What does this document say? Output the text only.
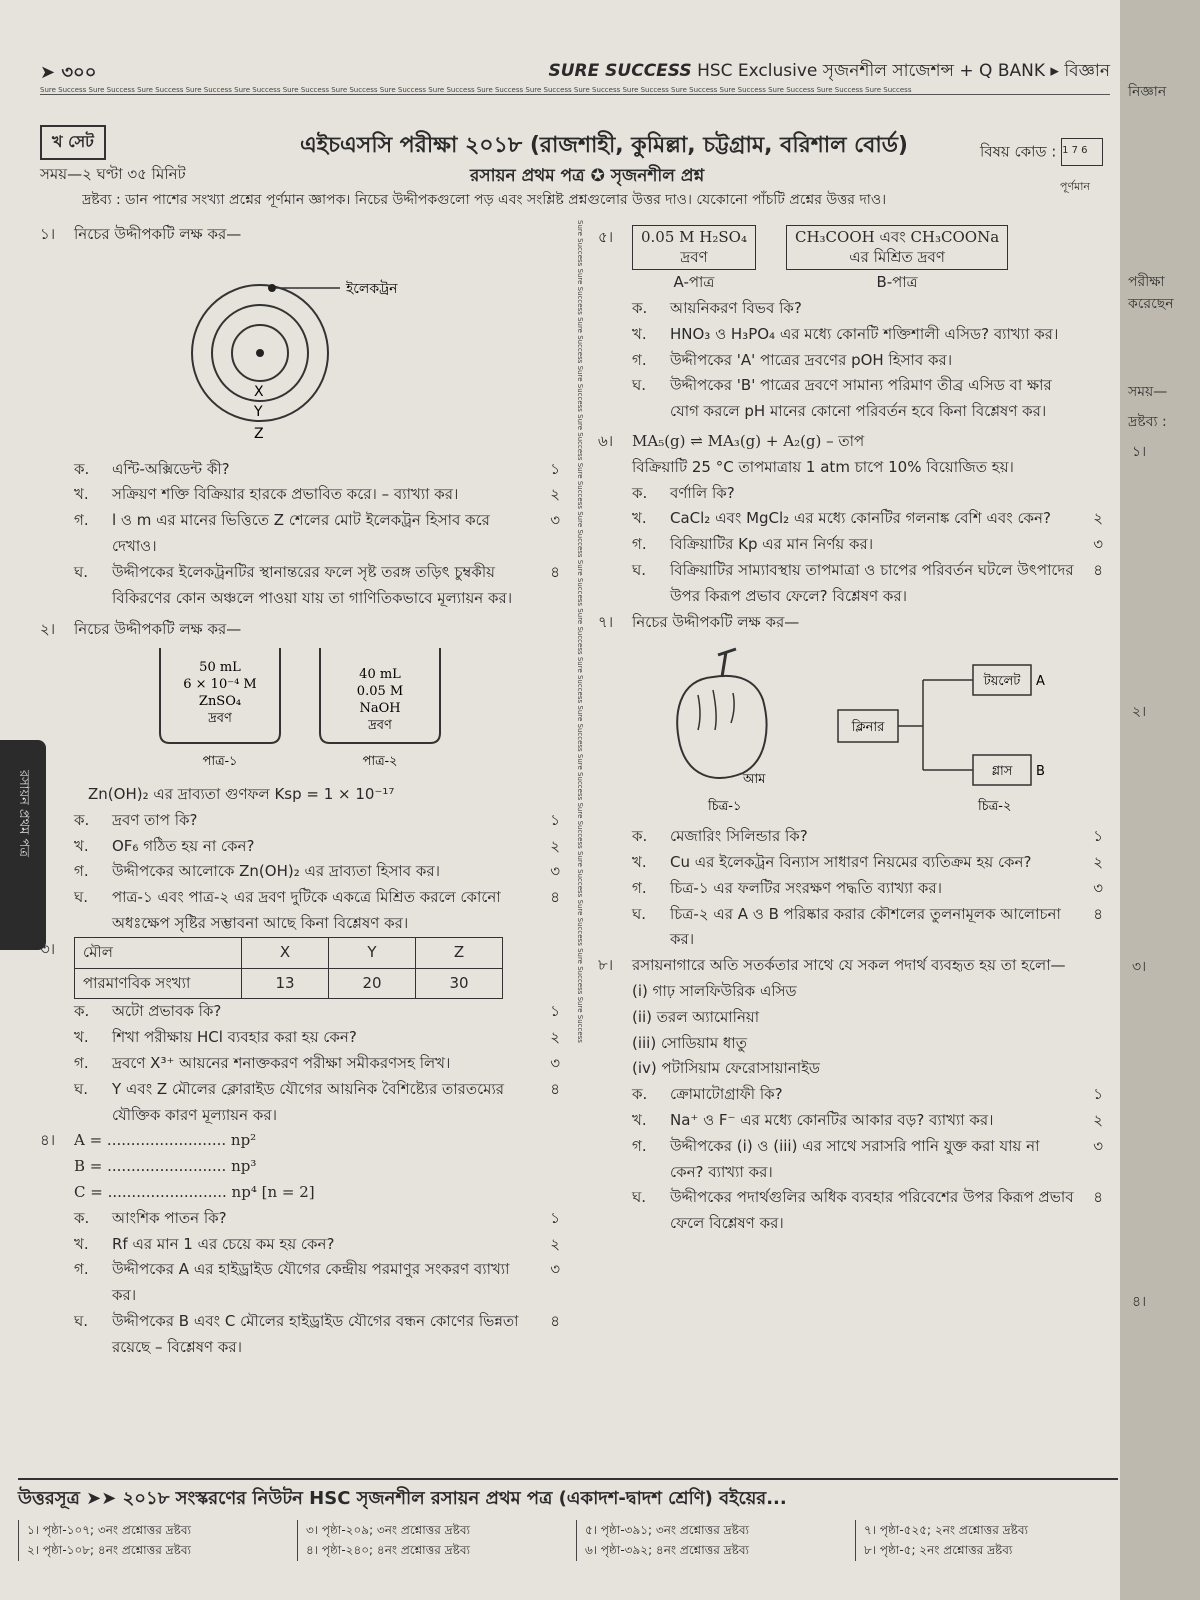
রসায়ন প্রথম পত্র
➤ ৩০০	SURE SUCCESS HSC Exclusive সৃজনশীল সাজেশন্স + Q BANK ▸ বিজ্ঞান
Sure Success Sure Success Sure Success Sure Success Sure Success Sure Success Sure Success Sure Success Sure Success Sure Success Sure Success Sure Success Sure Success Sure Success Sure Success Sure Success Sure Success Sure Success
খ সেট	এইচএসসি পরীক্ষা ২০১৮ (রাজশাহী, কুমিল্লা, চট্টগ্রাম, বরিশাল বোর্ড)
সময়—২ ঘণ্টা ৩৫ মিনিট	রসায়ন প্রথম পত্র ✪ সৃজনশীল প্রশ্ন
বিষয় কোড : 1 7 6
পূর্ণমান
দ্রষ্টব্য : ডান পাশের সংখ্যা প্রশ্নের পূর্ণমান জ্ঞাপক। নিচের উদ্দীপকগুলো পড় এবং সংশ্লিষ্ট প্রশ্নগুলোর উত্তর দাও। যেকোনো পাঁচটি প্রশ্নের উত্তর দাও।
Sure Success Sure Success Sure Success Sure Success Sure Success Sure Success Sure Success Sure Success Sure Success Sure Success Sure Success Sure Success Sure Success Sure Success Sure Success Sure Success Sure Success
১।	নিচের উদ্দীপকটি লক্ষ কর—
ইলেকট্রন
X
Y
Z
ক.	এন্টি-অক্সিডেন্ট কী?	১
খ.	সক্রিয়ণ শক্তি বিক্রিয়ার হারকে প্রভাবিত করে। – ব্যাখ্যা কর।	২
গ.	l ও m এর মানের ভিত্তিতে Z শেলের মোট ইলেকট্রন হিসাব করে দেখাও।
৩
ঘ.	উদ্দীপকের ইলেকট্রনটির স্থানান্তরের ফলে সৃষ্ট তরঙ্গ তড়িৎ চুম্বকীয় বিকিরণের কোন অঞ্চলে পাওয়া যায় তা গাণিতিকভাবে মূল্যায়ন কর।
৪
২।	নিচের উদ্দীপকটি লক্ষ কর—
50 mL
6 × 10⁻⁴ M
ZnSO₄
দ্রবণ
পাত্র-১
40 mL
0.05 M
NaOH
দ্রবণ
পাত্র-২
Zn(OH)₂ এর দ্রাব্যতা গুণফল Ksp = 1 × 10⁻¹⁷
ক.	দ্রবণ তাপ কি?	১
খ.	OF₆ গঠিত হয় না কেন?	২
গ.	উদ্দীপকের আলোকে Zn(OH)₂ এর দ্রাব্যতা হিসাব কর।	৩
ঘ.	পাত্র-১ এবং পাত্র-২ এর দ্রবণ দুটিকে একত্রে মিশ্রিত করলে কোনো অধঃক্ষেপ সৃষ্টির সম্ভাবনা আছে কিনা বিশ্লেষণ কর।
৪
৩।	মৌল	X	Y	Z
পারমাণবিক সংখ্যা	13	20	30
ক.	অটো প্রভাবক কি?	১
খ.	শিখা পরীক্ষায় HCl ব্যবহার করা হয় কেন?	২
গ.	দ্রবণে X³⁺ আয়নের শনাক্তকরণ পরীক্ষা সমীকরণসহ লিখ।	৩
ঘ.	Y এবং Z মৌলের ক্লোরাইড যৌগের আয়নিক বৈশিষ্ট্যের তারতম্যের যৌক্তিক কারণ মূল্যায়ন কর।
৪
৪।	A = ......................... np²
B = ......................... np³
C = ......................... np⁴ [n = 2]
ক.	আংশিক পাতন কি?	১
খ.	Rf এর মান 1 এর চেয়ে কম হয় কেন?	২
গ.	উদ্দীপকের A এর হাইড্রাইড যৌগের কেন্দ্রীয় পরমাণুর সংকরণ ব্যাখ্যা কর।
৩
ঘ.	উদ্দীপকের B এবং C মৌলের হাইড্রাইড যৌগের বন্ধন কোণের ভিন্নতা রয়েছে – বিশ্লেষণ কর।
৪
৫।	0.05 M H₂SO₄
দ্রবণ
A-পাত্র
CH₃COOH এবং CH₃COONa
এর মিশ্রিত দ্রবণ
B-পাত্র
ক.	আয়নিকরণ বিভব কি?
খ.	HNO₃ ও H₃PO₄ এর মধ্যে কোনটি শক্তিশালী এসিড? ব্যাখ্যা কর।
গ.	উদ্দীপকের 'A' পাত্রের দ্রবণের pOH হিসাব কর।
ঘ.	উদ্দীপকের 'B' পাত্রের দ্রবণে সামান্য পরিমাণ তীব্র এসিড বা ক্ষার যোগ করলে pH মানের কোনো পরিবর্তন হবে কিনা বিশ্লেষণ কর।
৬।	MA₅(g) ⇌ MA₃(g) + A₂(g) – তাপ
বিক্রিয়াটি 25 °C তাপমাত্রায় 1 atm চাপে 10% বিয়োজিত হয়।
ক.	বর্ণালি কি?
খ.	CaCl₂ এবং MgCl₂ এর মধ্যে কোনটির গলনাঙ্ক বেশি এবং কেন?	২
গ.	বিক্রিয়াটির Kp এর মান নির্ণয় কর।	৩
ঘ.	বিক্রিয়াটির সাম্যাবস্থায় তাপমাত্রা ও চাপের পরিবর্তন ঘটলে উৎপাদের উপর কিরূপ প্রভাব ফেলে? বিশ্লেষণ কর।
৪
৭।	নিচের উদ্দীপকটি লক্ষ কর—
আম
চিত্র-১
ক্লিনার
টয়লেট A
গ্লাস B
চিত্র-২
ক.	মেজারিং সিলিন্ডার কি?	১
খ.	Cu এর ইলেকট্রন বিন্যাস সাধারণ নিয়মের ব্যতিক্রম হয় কেন?	২
গ.	চিত্র-১ এর ফলটির সংরক্ষণ পদ্ধতি ব্যাখ্যা কর।	৩
ঘ.	চিত্র-২ এর A ও B পরিষ্কার করার কৌশলের তুলনামূলক আলোচনা কর।
৪
৮।	রসায়নাগারে অতি সতর্কতার সাথে যে সকল পদার্থ ব্যবহৃত হয় তা হলো—
(i) গাঢ় সালফিউরিক এসিড
(ii) তরল অ্যামোনিয়া
(iii) সোডিয়াম ধাতু
(iv) পটাসিয়াম ফেরোসায়ানাইড
ক.	ক্রোমাটোগ্রাফী কি?	১
খ.	Na⁺ ও F⁻ এর মধ্যে কোনটির আকার বড়? ব্যাখ্যা কর।	২
গ.	উদ্দীপকের (i) ও (iii) এর সাথে সরাসরি পানি যুক্ত করা যায় না কেন? ব্যাখ্যা কর।
৩
ঘ.	উদ্দীপকের পদার্থগুলির অধিক ব্যবহার পরিবেশের উপর কিরূপ প্রভাব ফেলে বিশ্লেষণ কর।
৪
উত্তরসূত্র ➤➤ ২০১৮ সংস্করণের নিউটন HSC সৃজনশীল রসায়ন প্রথম পত্র (একাদশ-দ্বাদশ শ্রেণি) বইয়ের...
১। পৃষ্ঠা-১০৭; ৩নং প্রশ্নোত্তর দ্রষ্টব্য
২। পৃষ্ঠা-১০৮; ৪নং প্রশ্নোত্তর দ্রষ্টব্য
৩। পৃষ্ঠা-২০৯; ৩নং প্রশ্নোত্তর দ্রষ্টব্য
৪। পৃষ্ঠা-২৪০; ৪নং প্রশ্নোত্তর দ্রষ্টব্য
৫। পৃষ্ঠা-৩৯১; ৩নং প্রশ্নোত্তর দ্রষ্টব্য
৬। পৃষ্ঠা-৩৯২; ৪নং প্রশ্নোত্তর দ্রষ্টব্য
৭। পৃষ্ঠা-৫২৫; ২নং প্রশ্নোত্তর দ্রষ্টব্য
৮। পৃষ্ঠা-৫; ২নং প্রশ্নোত্তর দ্রষ্টব্য
নিজ্ঞান
পরীক্ষা
করেছেন
সময়—
দ্রষ্টব্য :
১।
২।
৩।
৪।
